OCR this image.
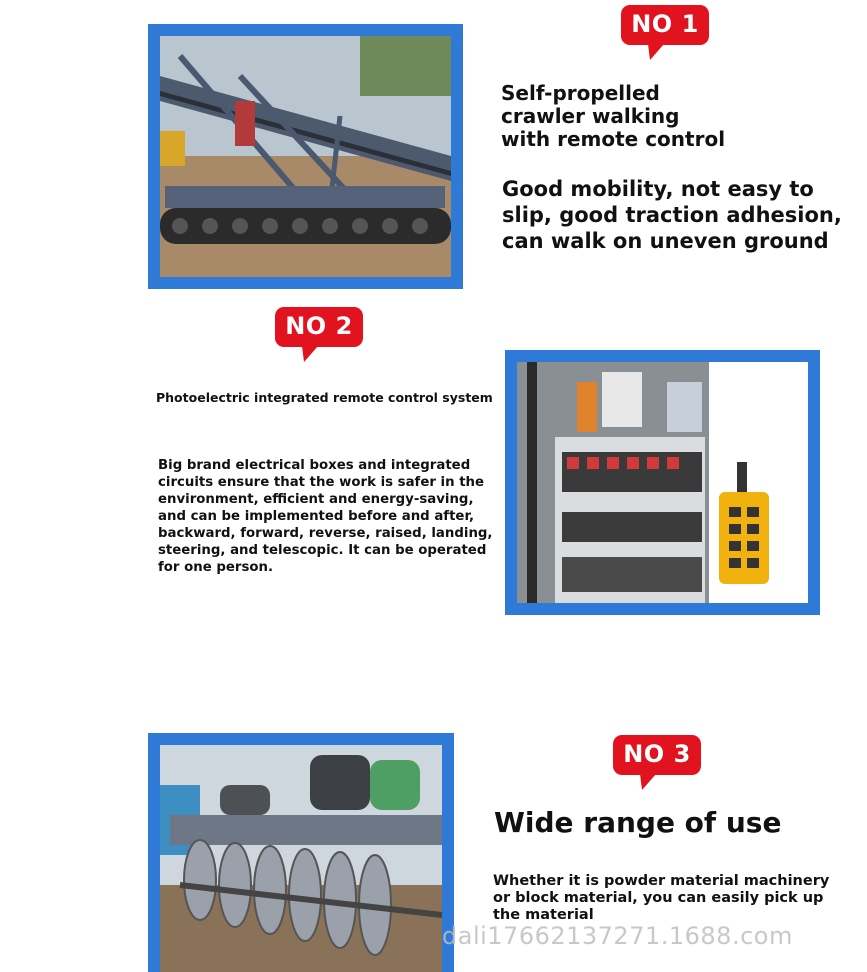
NO 1
Self-propelled crawler walking with remote control
Good mobility, not easy to slip, good traction adhesion, can walk on uneven ground
NO 2
Photoelectric integrated remote control system
Big brand electrical boxes and integrated circuits ensure that the work is safer in the environment, efficient and energy-saving, and can be implemented before and after, backward, forward, reverse, raised, landing, steering, and telescopic. It can be operated for one person.
NO 3
Wide range of use
Whether it is powder material machinery or block material, you can easily pick up the material
dali17662137271.1688.com
